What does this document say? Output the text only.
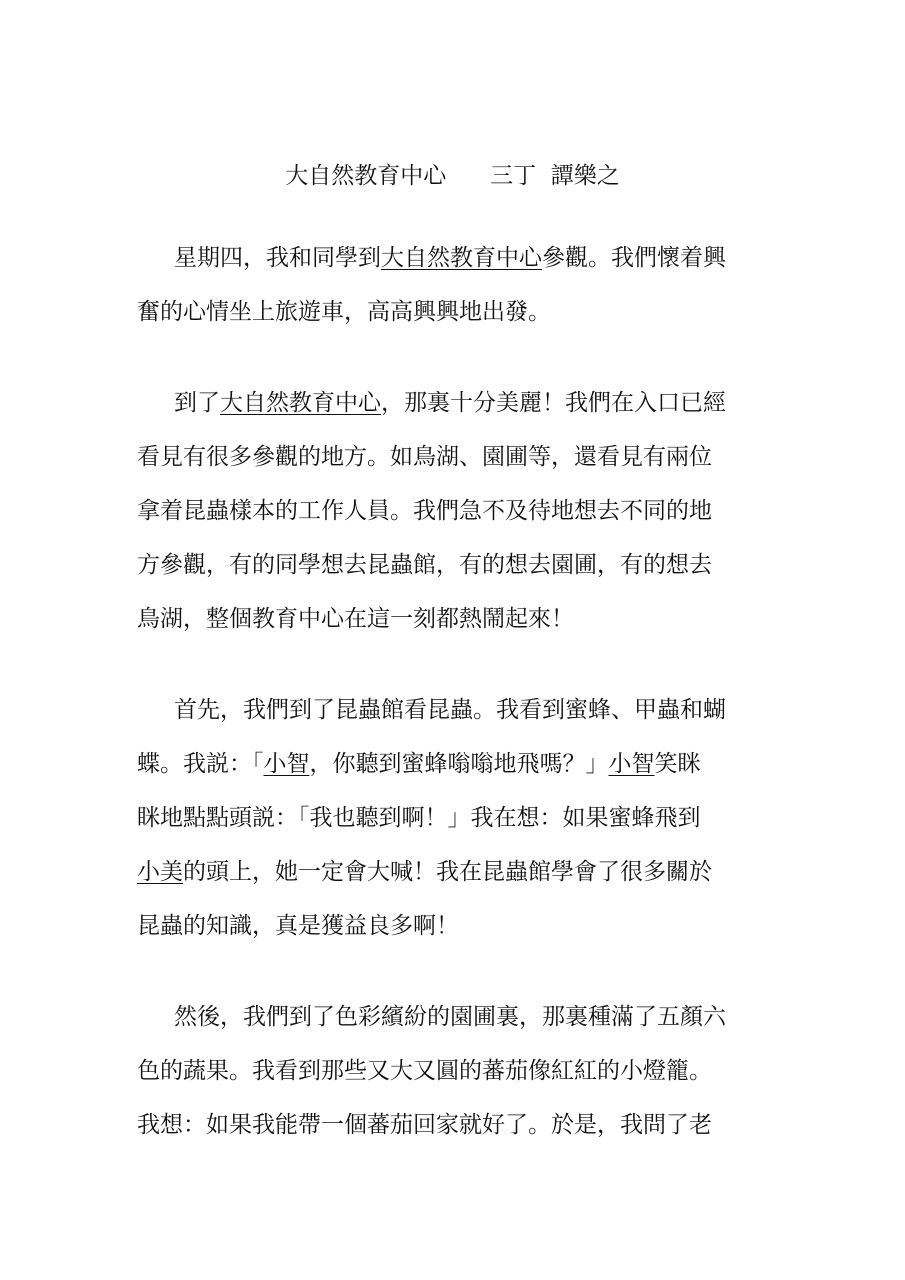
大自然教育中心 三丁  譚樂之
星期四，我和同學到大自然教育中心參觀。我們懷着興
奮的心情坐上旅遊車，高高興興地出發。
到了大自然教育中心，那裏十分美麗！我們在入口已經
看見有很多參觀的地方。如鳥湖、園圃等，還看見有兩位
拿着昆蟲樣本的工作人員。我們急不及待地想去不同的地
方參觀，有的同學想去昆蟲館，有的想去園圃，有的想去
鳥湖，整個教育中心在這一刻都熱鬧起來！
首先，我們到了昆蟲館看昆蟲。我看到蜜蜂、甲蟲和蝴
蝶。我説：「小智，你聽到蜜蜂嗡嗡地飛嗎？」小智笑眯
眯地點點頭説：「我也聽到啊！」我在想：如果蜜蜂飛到
小美的頭上，她一定會大喊！我在昆蟲館學會了很多關於
昆蟲的知識，真是獲益良多啊！
然後，我們到了色彩繽紛的園圃裏，那裏種滿了五顏六
色的蔬果。我看到那些又大又圓的蕃茄像紅紅的小燈籠。
我想：如果我能帶一個蕃茄回家就好了。於是，我問了老
